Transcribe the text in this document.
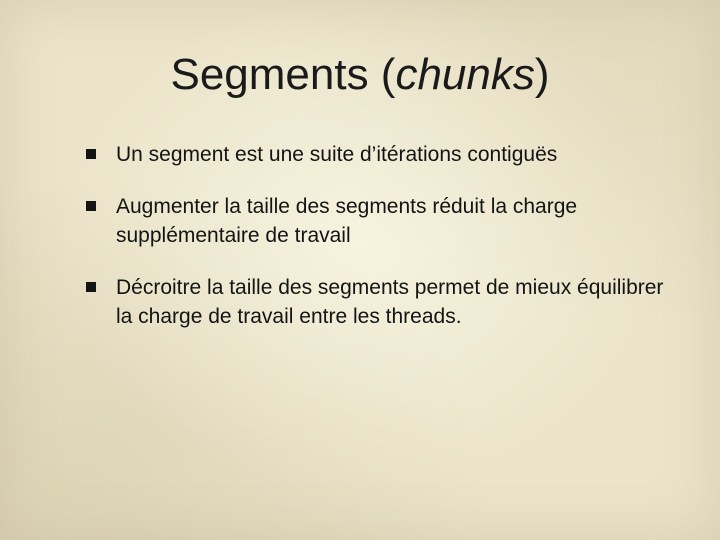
Segments (chunks)
Un segment est une suite d’itérations contiguës
Augmenter la taille des segments réduit la charge supplémentaire de travail
Décroitre la taille des segments permet de mieux équilibrer la charge de travail entre les threads.
